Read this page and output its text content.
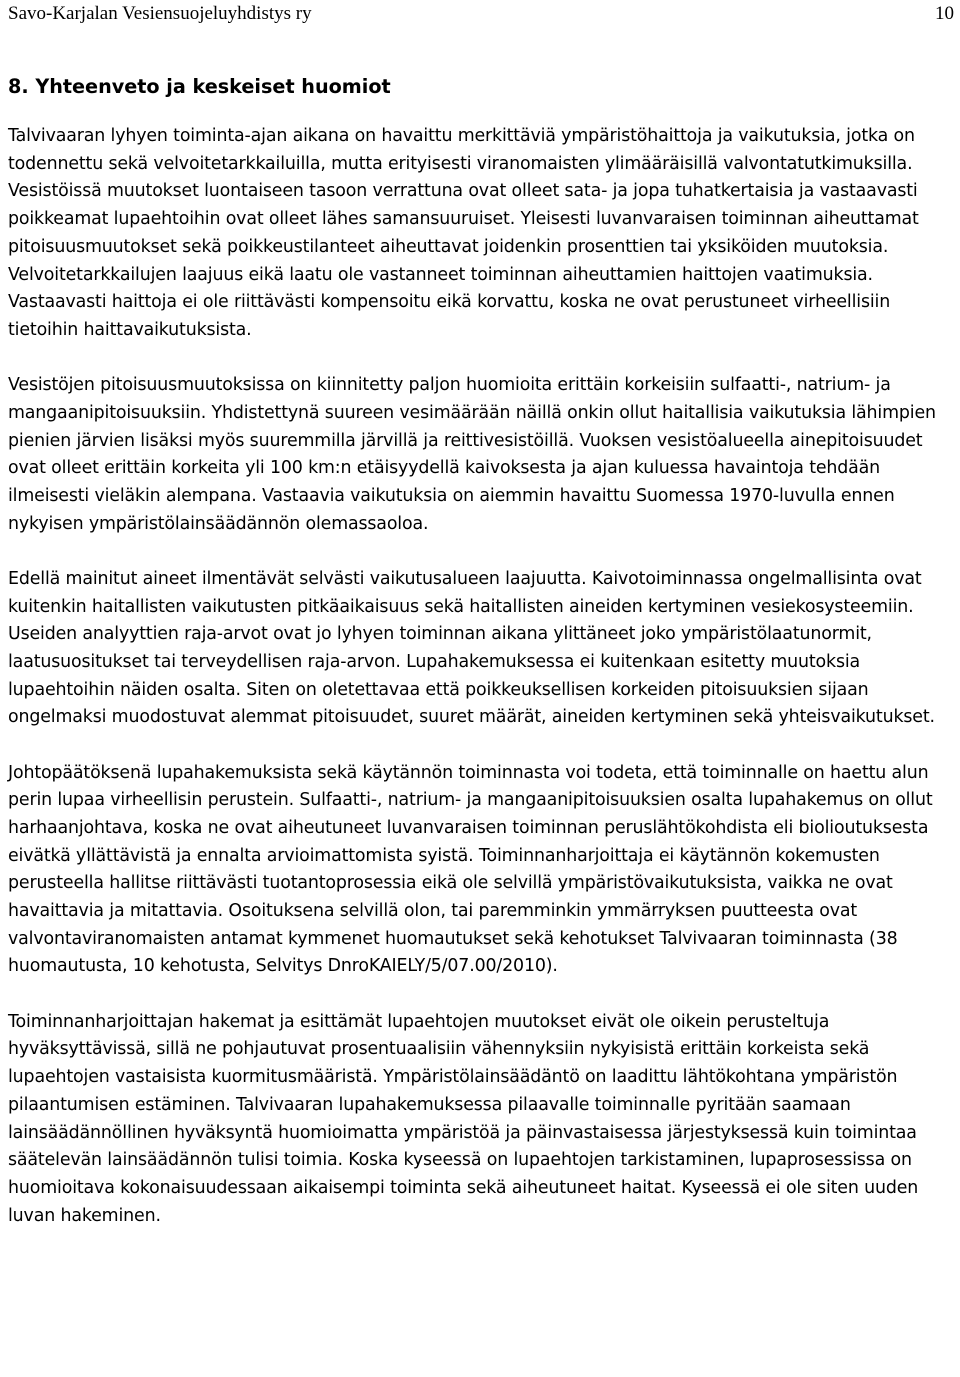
Savo-Karjalan Vesiensuojeluyhdistys ry	10
8. Yhteenveto ja keskeiset huomiot

Talvivaaran lyhyen toiminta-ajan aikana on havaittu merkittäviä ympäristöhaittoja ja vaikutuksia, jotka on todennettu sekä velvoitetarkkailuilla, mutta erityisesti viranomaisten ylimääräisillä valvontatutkimuksilla. Vesistöissä muutokset luontaiseen tasoon verrattuna ovat olleet sata- ja jopa tuhatkertaisia ja vastaavasti poikkeamat lupaehtoihin ovat olleet lähes samansuuruiset. Yleisesti luvanvaraisen toiminnan aiheuttamat pitoisuusmuutokset sekä poikkeustilanteet aiheuttavat joidenkin prosenttien tai yksiköiden muutoksia. Velvoitetarkkailujen laajuus eikä laatu ole vastanneet toiminnan aiheuttamien haittojen vaatimuksia. Vastaavasti haittoja ei ole riittävästi kompensoitu eikä korvattu, koska ne ovat perustuneet virheellisiin tietoihin haittavaikutuksista.

Vesistöjen pitoisuusmuutoksissa on kiinnitetty paljon huomioita erittäin korkeisiin sulfaatti-, natrium- ja mangaanipitoisuuksiin. Yhdistettynä suureen vesimäärään näillä onkin ollut haitallisia vaikutuksia lähimpien pienien järvien lisäksi myös suuremmilla järvillä ja reittivesistöillä. Vuoksen vesistöalueella ainepitoisuudet ovat olleet erittäin korkeita yli 100 km:n etäisyydellä kaivoksesta ja ajan kuluessa havaintoja tehdään ilmeisesti vieläkin alempana. Vastaavia vaikutuksia on aiemmin havaittu Suomessa 1970-luvulla ennen nykyisen ympäristölainsäädännön olemassaoloa.

Edellä mainitut aineet ilmentävät selvästi vaikutusalueen laajuutta. Kaivotoiminnassa ongelmallisinta ovat kuitenkin haitallisten vaikutusten pitkäaikaisuus sekä haitallisten aineiden kertyminen vesiekosysteemiin. Useiden analyyttien raja-arvot ovat jo lyhyen toiminnan aikana ylittäneet joko ympäristölaatunormit, laatusuositukset tai terveydellisen raja-arvon. Lupahakemuksessa ei kuitenkaan esitetty muutoksia lupaehtoihin näiden osalta. Siten on oletettavaa että poikkeuksellisen korkeiden pitoisuuksien sijaan ongelmaksi muodostuvat alemmat pitoisuudet, suuret määrät, aineiden kertyminen sekä yhteisvaikutukset.

Johtopäätöksenä lupahakemuksista sekä käytännön toiminnasta voi todeta, että toiminnalle on haettu alun perin lupaa virheellisin perustein. Sulfaatti-, natrium- ja mangaanipitoisuuksien osalta lupahakemus on ollut harhaanjohtava, koska ne ovat aiheutuneet luvanvaraisen toiminnan peruslähtökohdista eli biolioutuksesta eivätkä yllättävistä ja ennalta arvioimattomista syistä. Toiminnanharjoittaja ei käytännön kokemusten perusteella hallitse riittävästi tuotantoprosessia eikä ole selvillä ympäristövaikutuksista, vaikka ne ovat havaittavia ja mitattavia. Osoituksena selvillä olon, tai paremminkin ymmärryksen puutteesta ovat valvontaviranomaisten antamat kymmenet huomautukset sekä kehotukset Talvivaaran toiminnasta (38 huomautusta, 10 kehotusta, Selvitys DnroKAIELY/5/07.00/2010).

Toiminnanharjoittajan hakemat ja esittämät lupaehtojen muutokset eivät ole oikein perusteltuja hyväksyttävissä, sillä ne pohjautuvat prosentuaalisiin vähennyksiin nykyisistä erittäin korkeista sekä lupaehtojen vastaisista kuormitusmääristä. Ympäristölainsäädäntö on laadittu lähtökohtana ympäristön pilaantumisen estäminen. Talvivaaran lupahakemuksessa pilaavalle toiminnalle pyritään saamaan lainsäädännöllinen hyväksyntä huomioimatta ympäristöä ja päinvastaisessa järjestyksessä kuin toimintaa säätelevän lainsäädännön tulisi toimia. Koska kyseessä on lupaehtojen tarkistaminen, lupaprosessissa on huomioitava kokonaisuudessaan aikaisempi toiminta sekä aiheutuneet haitat. Kyseessä ei ole siten uuden luvan hakeminen.
